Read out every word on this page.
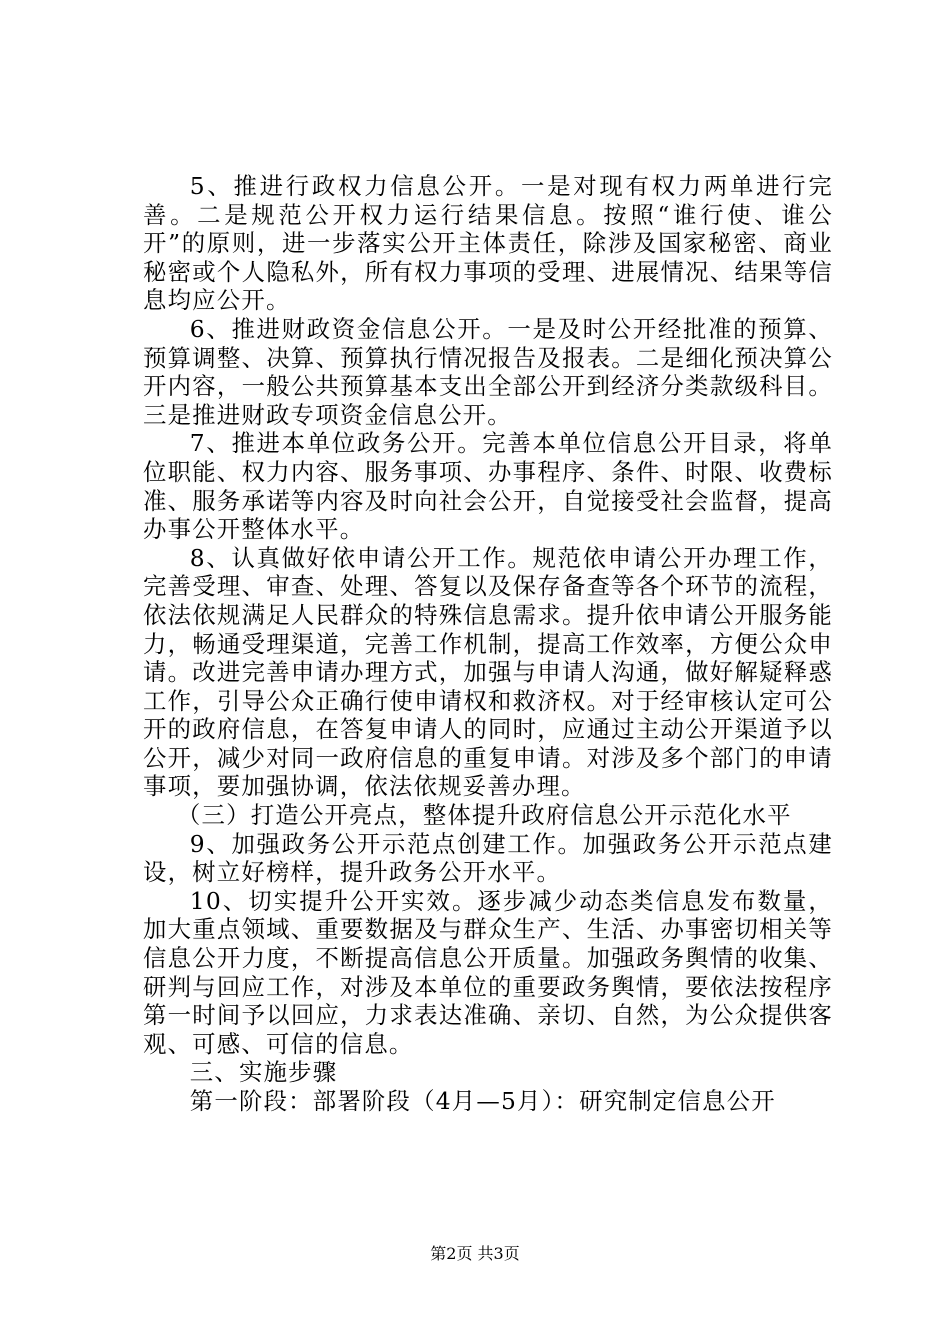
5、推进行政权力信息公开。一是对现有权力两单进行完善。二是规范公开权力运行结果信息。按照“谁行使、谁公开”的原则，进一步落实公开主体责任，除涉及国家秘密、商业秘密或个人隐私外，所有权力事项的受理、进展情况、结果等信息均应公开。

6、推进财政资金信息公开。一是及时公开经批准的预算、预算调整、决算、预算执行情况报告及报表。二是细化预决算公开内容，一般公共预算基本支出全部公开到经济分类款级科目。三是推进财政专项资金信息公开。

7、推进本单位政务公开。完善本单位信息公开目录，将单位职能、权力内容、服务事项、办事程序、条件、时限、收费标准、服务承诺等内容及时向社会公开，自觉接受社会监督，提高办事公开整体水平。

8、认真做好依申请公开工作。规范依申请公开办理工作，完善受理、审查、处理、答复以及保存备查等各个环节的流程，依法依规满足人民群众的特殊信息需求。提升依申请公开服务能力，畅通受理渠道，完善工作机制，提高工作效率，方便公众申请。改进完善申请办理方式，加强与申请人沟通，做好解疑释惑工作，引导公众正确行使申请权和救济权。对于经审核认定可公开的政府信息，在答复申请人的同时，应通过主动公开渠道予以公开，减少对同一政府信息的重复申请。对涉及多个部门的申请事项，要加强协调，依法依规妥善办理。

（三）打造公开亮点，整体提升政府信息公开示范化水平

9、加强政务公开示范点创建工作。加强政务公开示范点建设，树立好榜样，提升政务公开水平。

10、切实提升公开实效。逐步减少动态类信息发布数量，加大重点领域、重要数据及与群众生产、生活、办事密切相关等信息公开力度，不断提高信息公开质量。加强政务舆情的收集、研判与回应工作，对涉及本单位的重要政务舆情，要依法按程序第一时间予以回应，力求表达准确、亲切、自然，为公众提供客观、可感、可信的信息。

三、实施步骤

第一阶段：部署阶段（4月—5月）：研究制定信息公开

第2页 共3页
